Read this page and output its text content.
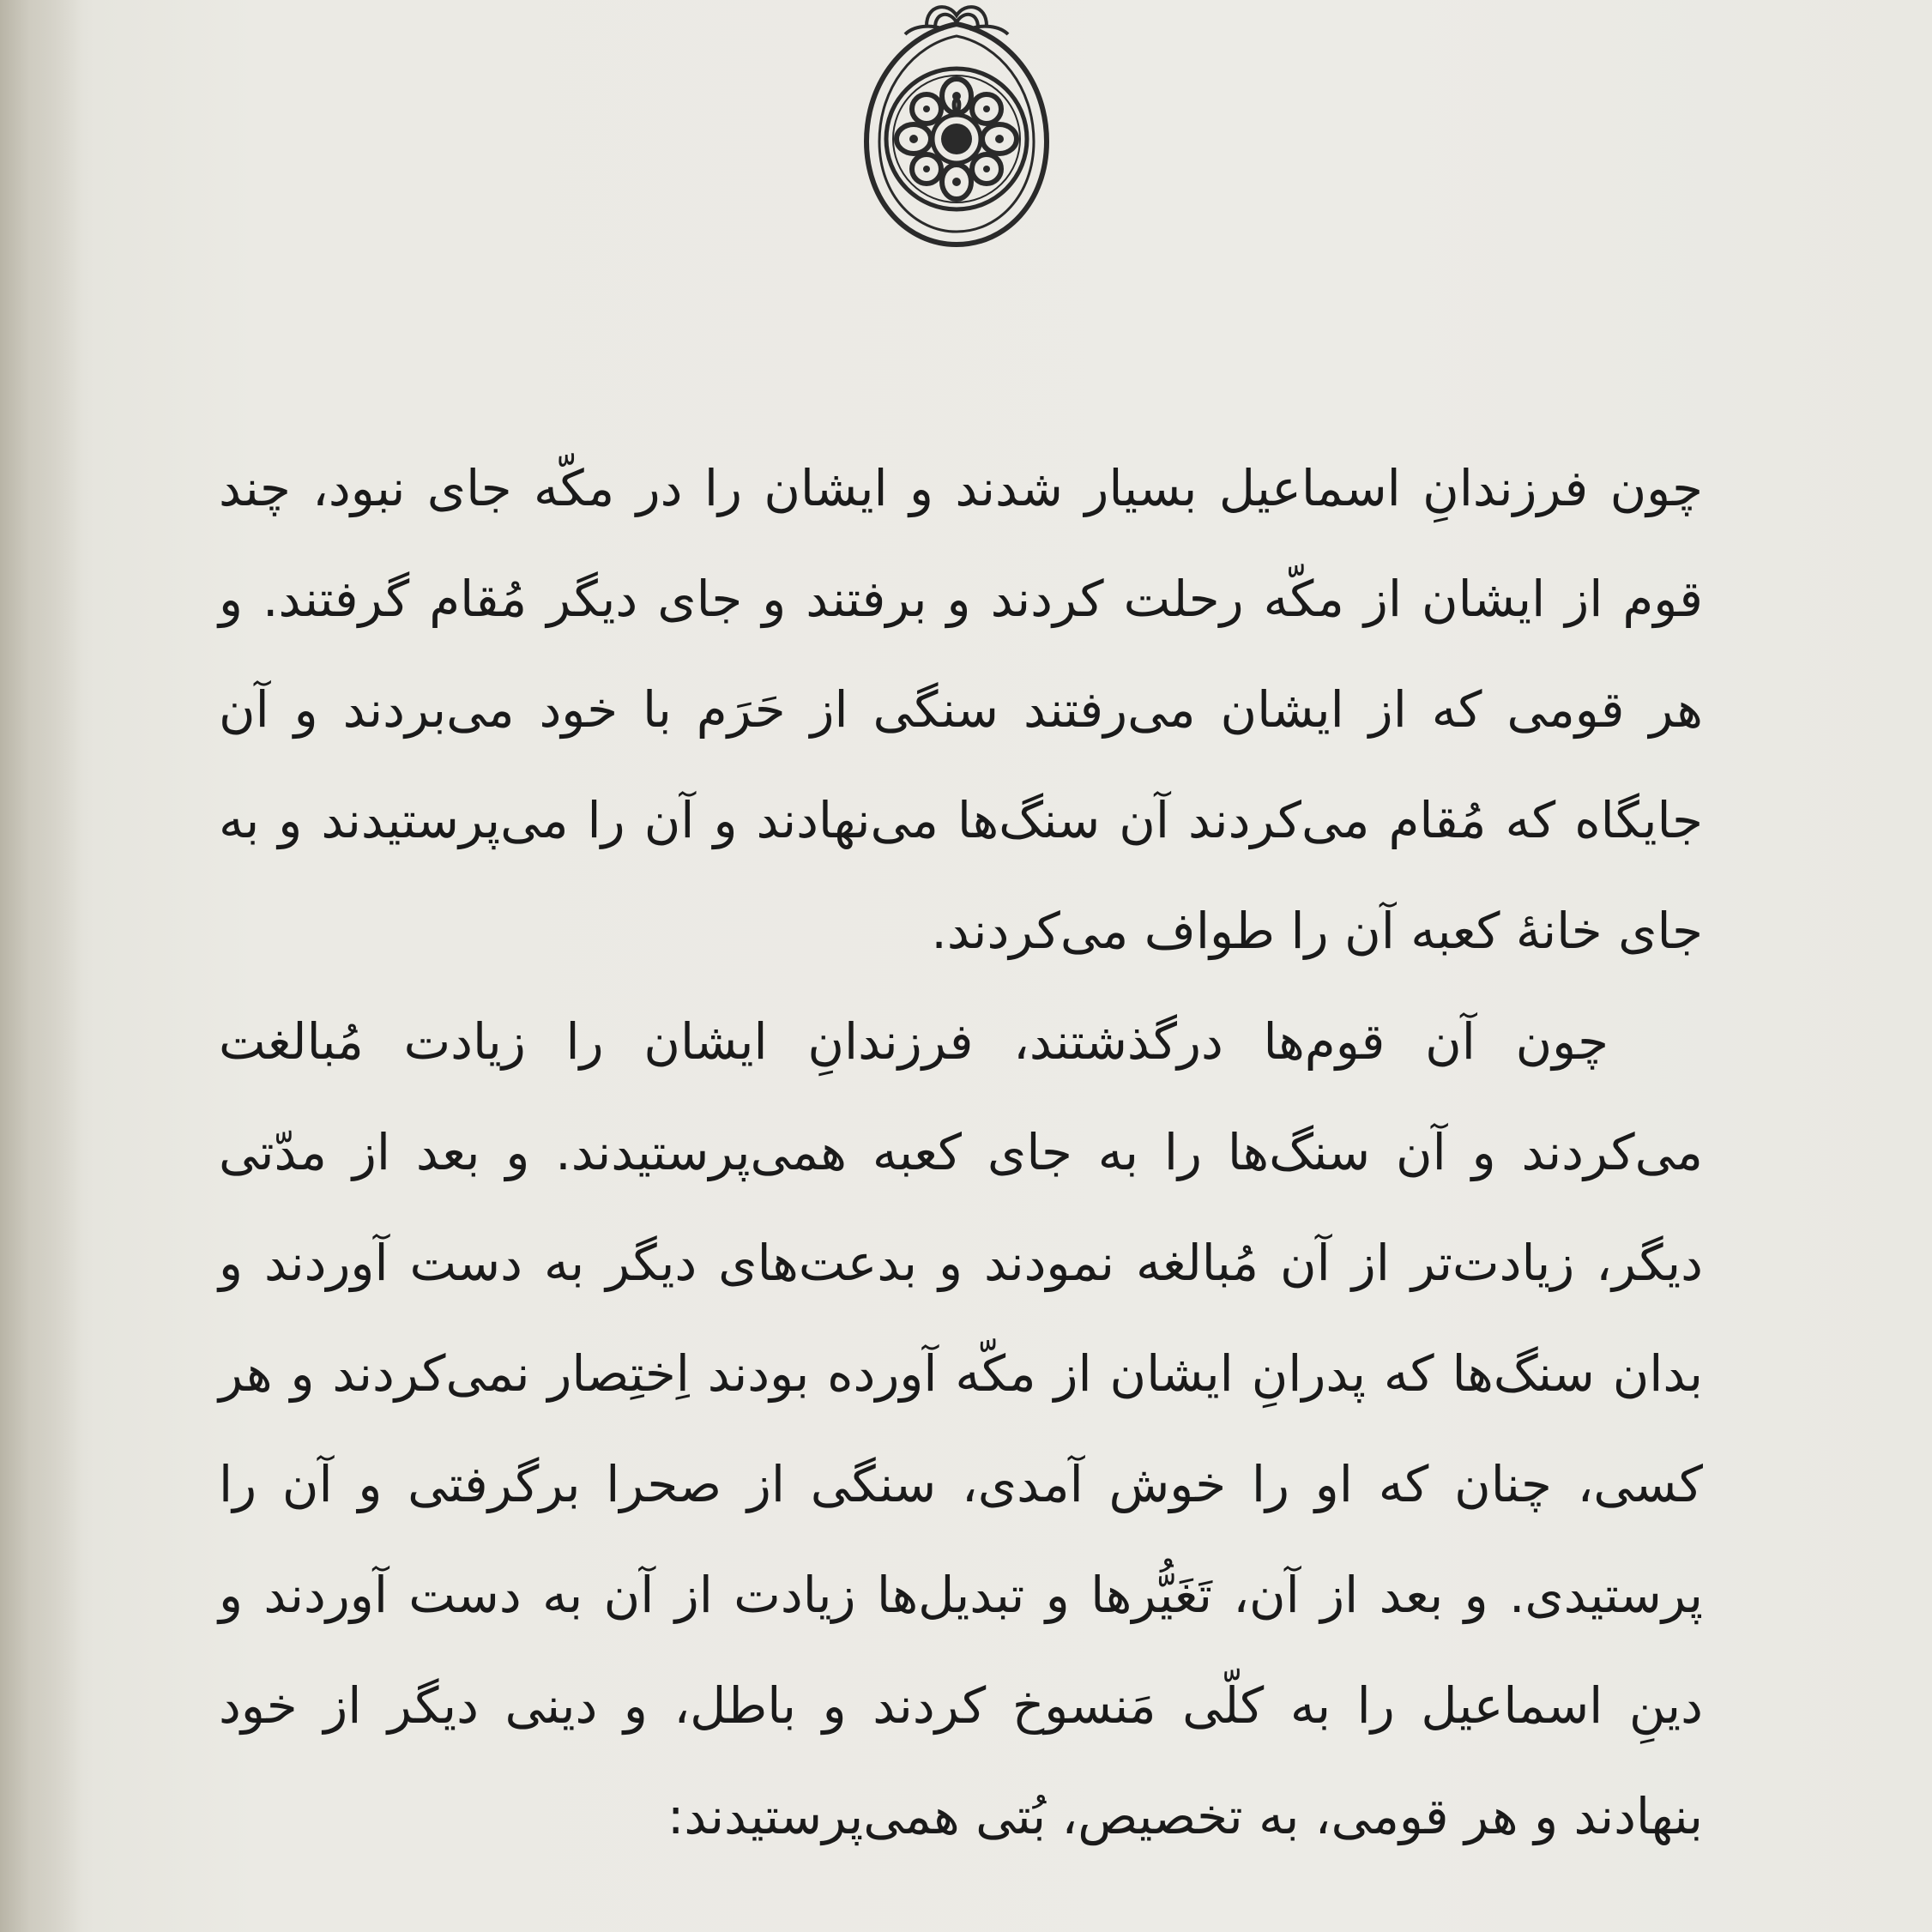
چون فرزندانِ اسماعیل بسیار شدند و ایشان را در مکّه جای نبود، چند قوم از ایشان از مکّه رحلت کردند و برفتند و جای دیگر مُقام گرفتند. و هر قومی که از ایشان می‌رفتند سنگی از حَرَم با خود می‌بردند و آن جایگاه که مُقام می‌کردند آن سنگ‌ها می‌نهادند و آن را می‌پرستیدند و به جای خانهٔ کعبه آن را طواف می‌کردند.

چون آن قوم‌ها درگذشتند، فرزندانِ ایشان را زیادت مُبالغت می‌کردند و آن سنگ‌ها را به جای کعبه همی‌پرستیدند. و بعد از مدّتی دیگر، زیادت‌تر از آن مُبالغه نمودند و بدعت‌های دیگر به دست آوردند و بدان سنگ‌ها که پدرانِ ایشان از مکّه آورده بودند اِختِصار نمی‌کردند و هر کسی، چنان که او را خوش آمدی، سنگی از صحرا برگرفتی و آن را پرستیدی. و بعد از آن، تَغَیُّرها و تبدیل‌ها زیادت از آن به دست آوردند و دینِ اسماعیل را به کلّی مَنسوخ کردند و باطل، و دینی دیگر از خود بنهادند و هر قومی، به تخصیص، بُتی همی‌پرستیدند:
